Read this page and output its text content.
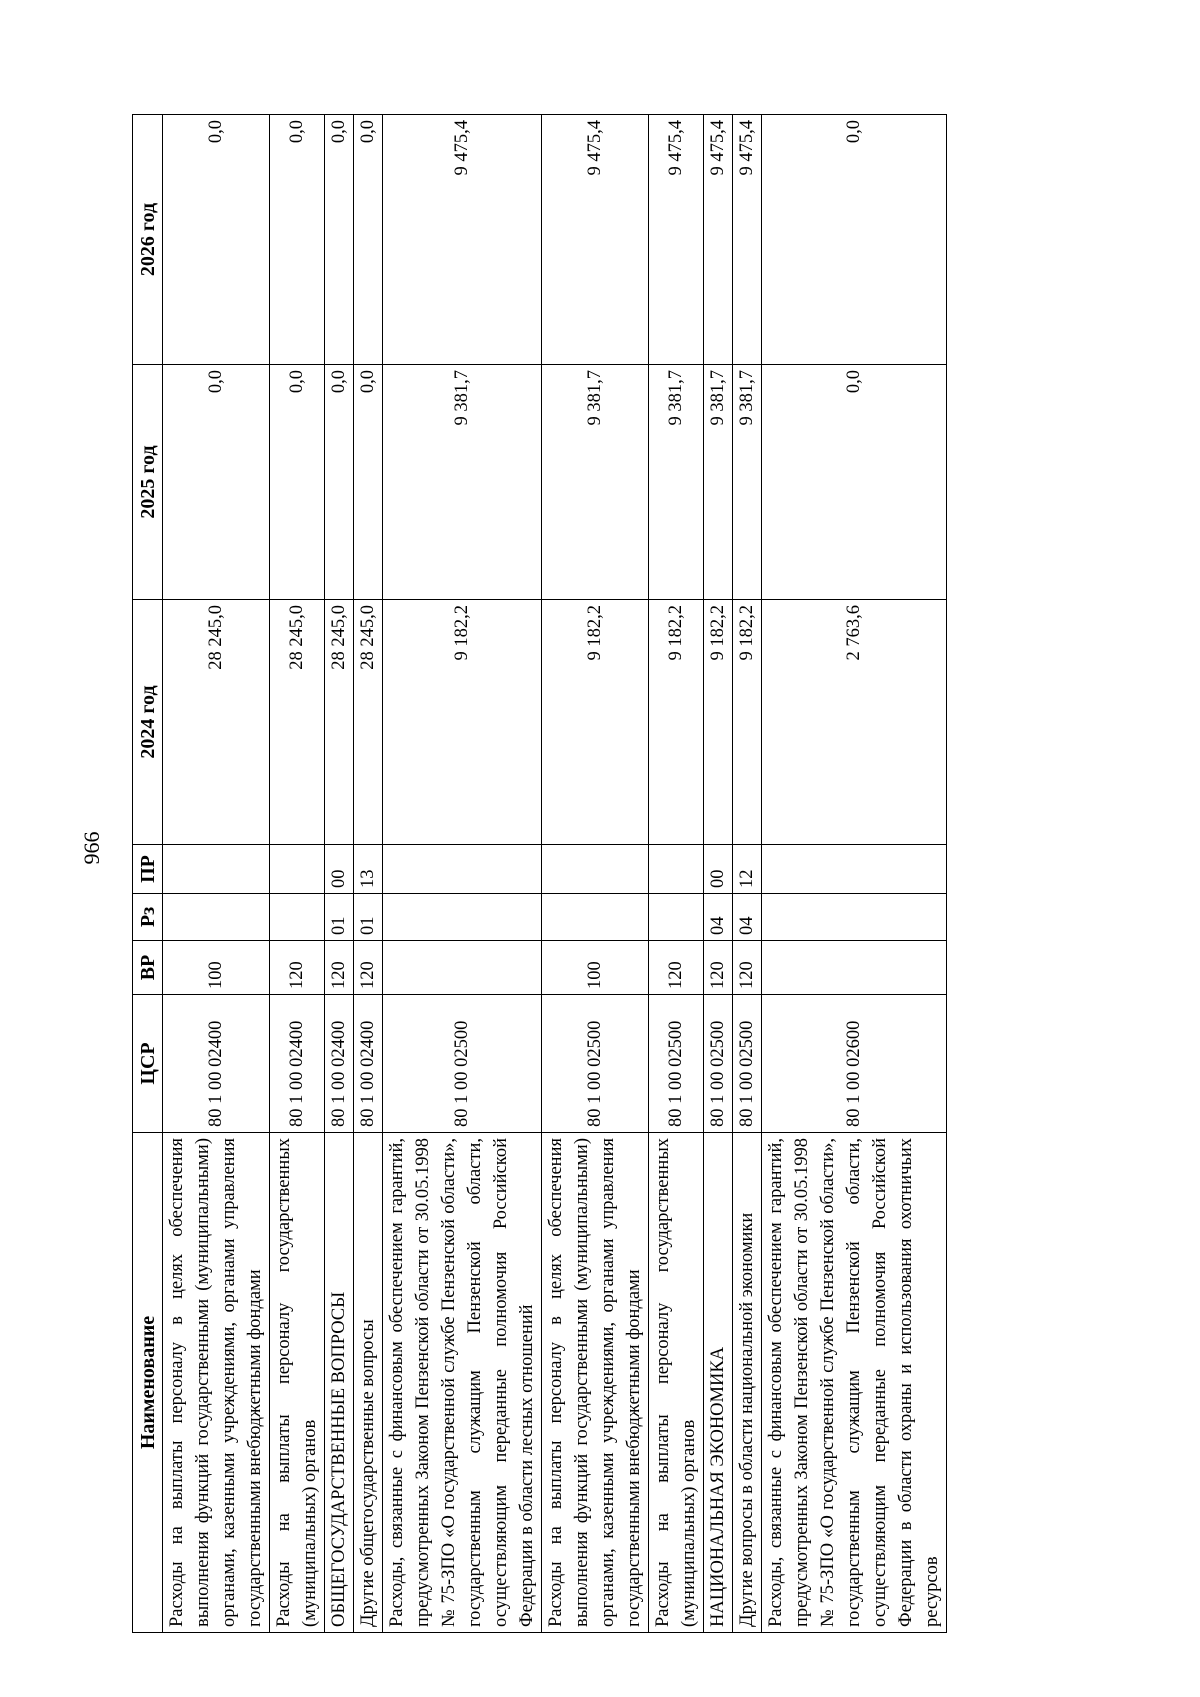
966
Наименование	ЦСР	ВР	Рз	ПР	2024 год	2025 год	2026 год
Расходы на выплаты персоналу в целях обеспечения выполнения функций государственными (муниципальными) органами, казенными учреждениями, органами управления государственными внебюджетными фондами	80 1 00 02400	100			28 245,0	0,0	0,0
Расходы на выплаты персоналу государственных (муниципальных) органов	80 1 00 02400	120			28 245,0	0,0	0,0
ОБЩЕГОСУДАРСТВЕННЫЕ ВОПРОСЫ	80 1 00 02400	120	01	00	28 245,0	0,0	0,0
Другие общегосударственные вопросы	80 1 00 02400	120	01	13	28 245,0	0,0	0,0
Расходы, связанные с финансовым обеспечением гарантий, предусмотренных Законом Пензенской области от 30.05.1998 № 75-ЗПО «О государственной службе Пензенской области», государственным служащим Пензенской области, осуществляющим переданные полномочия Российской Федерации в области лесных отношений	80 1 00 02500				9 182,2	9 381,7	9 475,4
Расходы на выплаты персоналу в целях обеспечения выполнения функций государственными (муниципальными) органами, казенными учреждениями, органами управления государственными внебюджетными фондами	80 1 00 02500	100			9 182,2	9 381,7	9 475,4
Расходы на выплаты персоналу государственных (муниципальных) органов	80 1 00 02500	120			9 182,2	9 381,7	9 475,4
НАЦИОНАЛЬНАЯ ЭКОНОМИКА	80 1 00 02500	120	04	00	9 182,2	9 381,7	9 475,4
Другие вопросы в области национальной экономики	80 1 00 02500	120	04	12	9 182,2	9 381,7	9 475,4
Расходы, связанные с финансовым обеспечением гарантий, предусмотренных Законом Пензенской области от 30.05.1998 № 75-ЗПО «О государственной службе Пензенской области», государственным служащим Пензенской области, осуществляющим переданные полномочия Российской Федерации в области охраны и использования охотничьих ресурсов	80 1 00 02600				2 763,6	0,0	0,0
